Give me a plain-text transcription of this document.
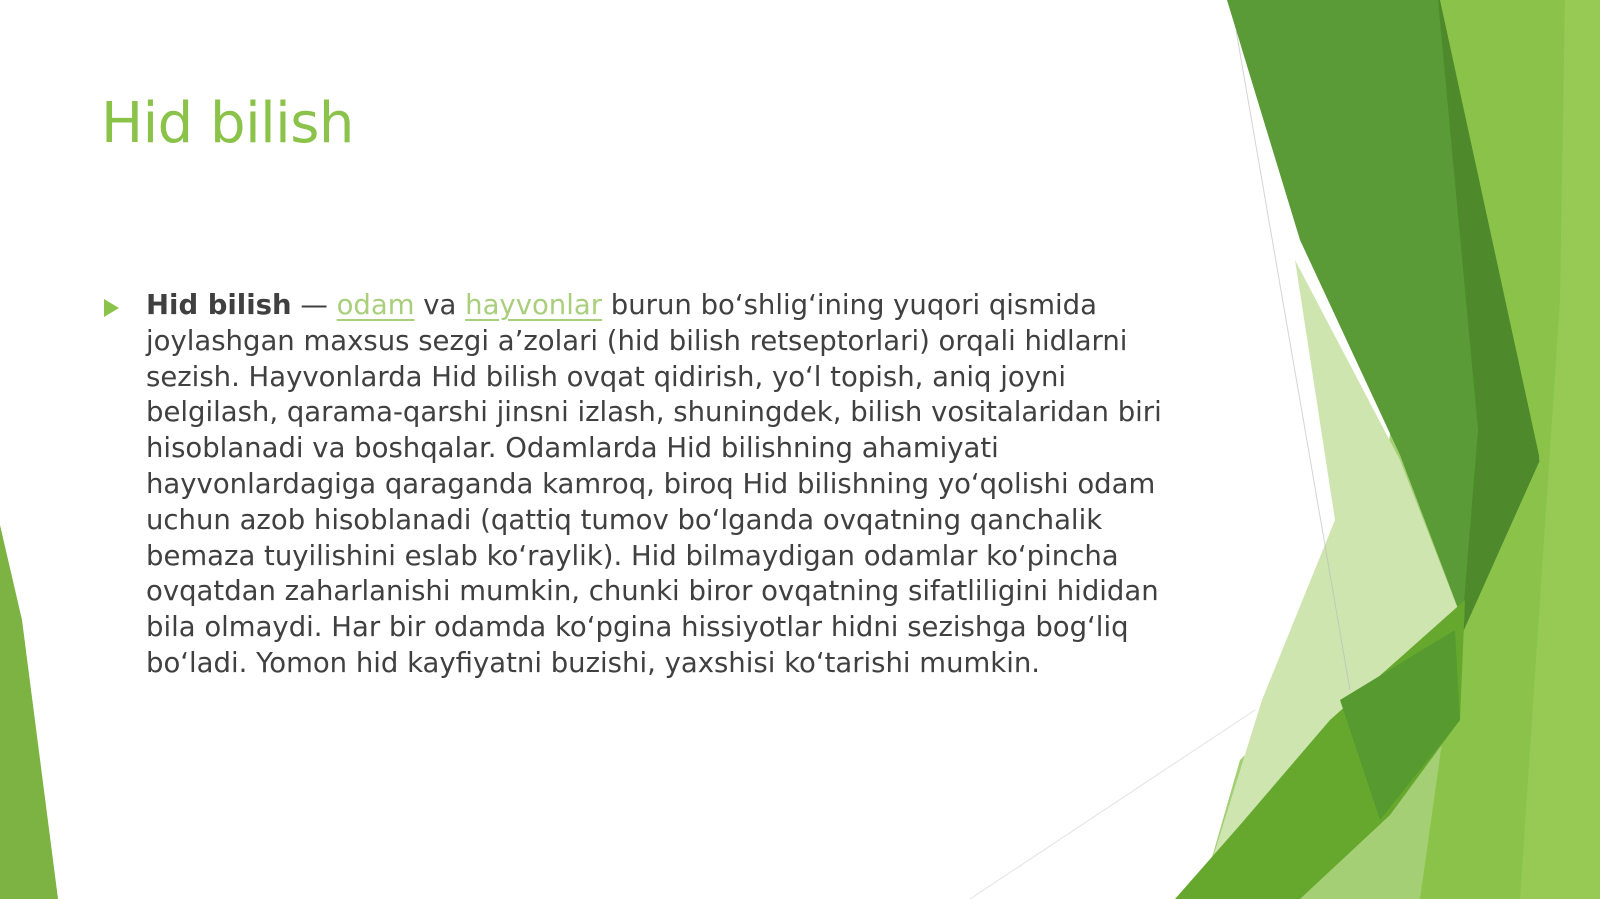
Hid bilish

Hid bilish — odam va hayvonlar burun bo‘shlig‘ining yuqori qismida joylashgan maxsus sezgi a’zolari (hid bilish retseptorlari) orqali hidlarni sezish. Hayvonlarda Hid bilish ovqat qidirish, yo‘l topish, aniq joyni belgilash, qarama-qarshi jinsni izlash, shuningdek, bilish vositalaridan biri hisoblanadi va boshqalar. Odamlarda Hid bilishning ahamiyati hayvonlardagiga qaraganda kamroq, biroq Hid bilishning yo‘qolishi odam uchun azob hisoblanadi (qattiq tumov bo‘lganda ovqatning qanchalik bemaza tuyilishini eslab ko‘raylik). Hid bilmaydigan odamlar ko‘pincha ovqatdan zaharlanishi mumkin, chunki biror ovqatning sifatliligini hididan bila olmaydi. Har bir odamda ko‘pgina hissiyotlar hidni sezishga bog‘liq bo‘ladi. Yomon hid kayfiyatni buzishi, yaxshisi ko‘tarishi mumkin.
